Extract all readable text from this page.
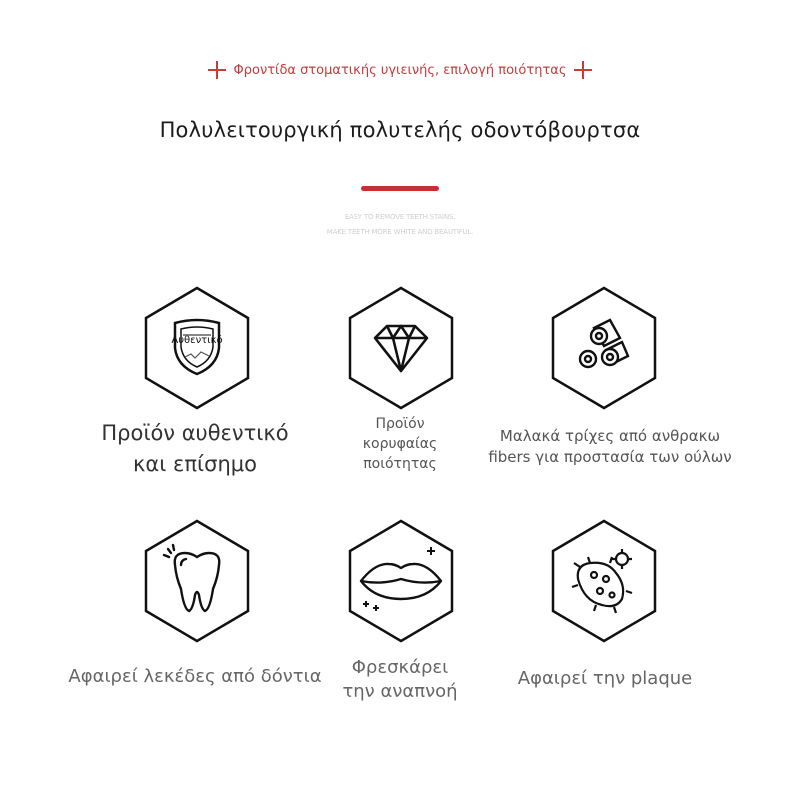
Φροντίδα στοματικής υγιεινής, επιλογή ποιότητας
Πολυλειτουργική πολυτελής οδοντόβουρτσα
EASY TO REMOVE TEETH STAINS,
MAKE TEETH MORE WHITE AND BEAUTIFUL.
Αυθεντικό
Προϊόν αυθεντικό
και επίσημο
Προϊόν
κορυφαίας
ποιότητας
Μαλακά τρίχες από ανθρακω
fibers για προστασία των ούλων
Αφαιρεί λεκέδες από δόντια	Φρεσκάρει
την αναπνοή
Αφαιρεί την plaque
